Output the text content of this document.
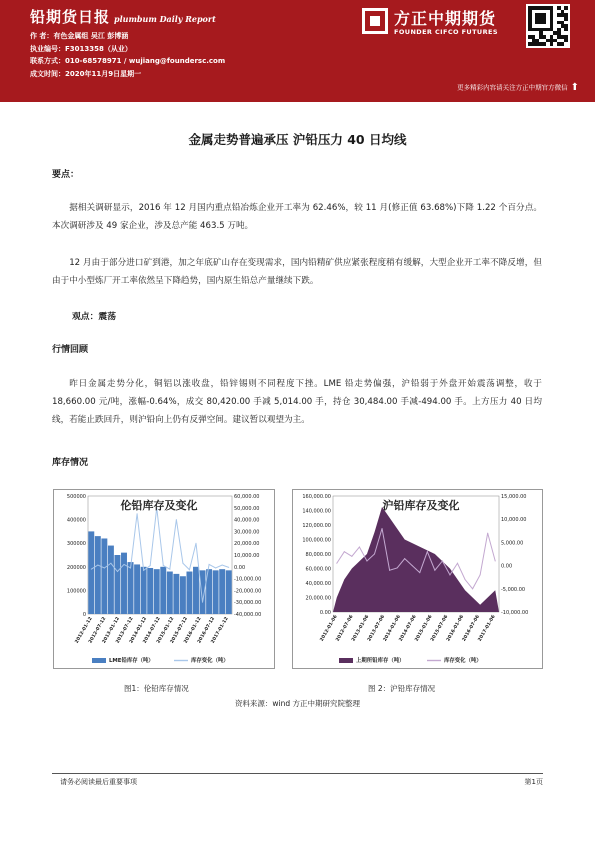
铅期货日报 plumbum Daily Report
作 者：有色金属组 吴江 彭博涵
执业编号：F3013358（从业）
联系方式：010-68578971 / wujiang@foundersc.com
成文时间：2020年11月9日星期一
方正中期期货
FOUNDER CIFCO FUTURES
更多精彩内容请关注方正中期官方微信 ⬆
金属走势普遍承压 沪铅压力 40 日均线
要点：
据相关调研显示，2016 年 12 月国内重点铅冶炼企业开工率为 62.46%，较 11 月(修正值 63.68%)下降 1.22 个百分点。本次调研涉及 49 家企业，涉及总产能 463.5 万吨。
12 月由于部分进口矿到港，加之年底矿山存在变现需求，国内铅精矿供应紧张程度稍有缓解，大型企业开工率不降反增，但由于中小型炼厂开工率依然呈下降趋势，国内原生铅总产量继续下跌。
观点：震荡
行情回顾
昨日金属走势分化，铜铝以涨收盘，铅锌锡则不同程度下挫。LME 铅走势偏强，沪铅弱于外盘开始震荡调整，收于 18,660.00 元/吨，涨幅-0.64%，成交 80,420.00 手减 5,014.00 手，持仓 30,484.00 手减-494.00 手。上方压力 40 日均线，若能止跌回升，则沪铅向上仍有反弹空间。建议暂以观望为主。
库存情况
0
100000
200000
300000
400000
500000
-40,000.00
-30,000.00
-20,000.00
-10,000.00
0.00
10,000.00
20,000.00
30,000.00
40,000.00
50,000.00
60,000.00
伦铅库存及变化
2012-01-12
2012-07-12
2013-01-12
2013-07-12
2014-01-12
2014-07-12
2015-01-12
2015-07-12
2016-01-12
2016-07-12
2017-01-12
LME铅库存（吨）	库存变化（吨）
0.00
20,000.00
40,000.00
60,000.00
80,000.00
100,000.00
120,000.00
140,000.00
160,000.00
-10,000.00
-5,000.00
0.00
5,000.00
10,000.00
15,000.00
沪铅库存及变化
2012-01-06
2012-07-06
2013-01-06
2013-07-06
2014-01-06
2014-07-06
2015-01-06
2015-07-06
2016-01-06
2016-07-06
2017-01-06
上期所铅库存（吨）	库存变化（吨）
图1：伦铅库存情况	图 2：沪铅库存情况
资料来源：wind 方正中期研究院整理
请务必阅读最后重要事项	第1页
